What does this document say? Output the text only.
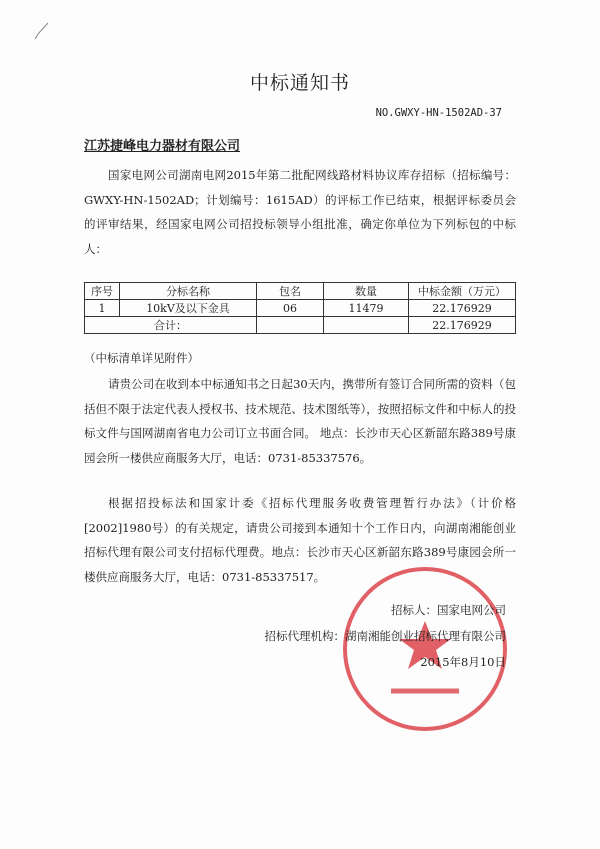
中标通知书
NO.GWXY-HN-1502AD-37
江苏捷峰电力器材有限公司
国家电网公司湖南电网2015年第二批配网线路材料协议库存招标（招标编号：GWXY-HN-1502AD；计划编号：1615AD）的评标工作已结束，根据评标委员会的评审结果，经国家电网公司招投标领导小组批准，确定你单位为下列标包的中标人：
序号	分标名称	包名	数量	中标金额（万元）
1	10kV及以下金具	06	11479	22.176929
合计：				22.176929
（中标清单详见附件）
请贵公司在收到本中标通知书之日起30天内，携带所有签订合同所需的资料（包括但不限于法定代表人授权书、技术规范、技术图纸等），按照招标文件和中标人的投标文件与国网湖南省电力公司订立书面合同。 地点：长沙市天心区新韶东路389号康园会所一楼供应商服务大厅，电话：0731-85337576。
根据招投标法和国家计委《招标代理服务收费管理暂行办法》（计价格[2002]1980号）的有关规定，请贵公司接到本通知十个工作日内，向湖南湘能创业招标代理有限公司支付招标代理费。地点：长沙市天心区新韶东路389号康园会所一楼供应商服务大厅，电话：0731-85337517。
招标人：国家电网公司
招标代理机构：湖南湘能创业招标代理有限公司
2015年8月10日
